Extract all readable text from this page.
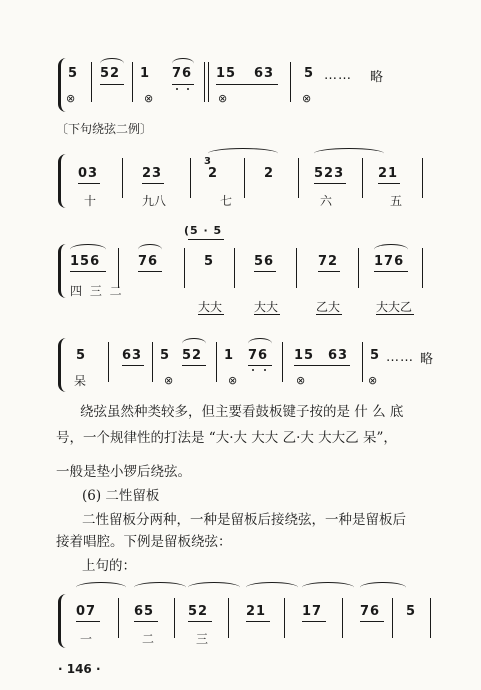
5 52 1 76 15 63 5 …… 略
⊗	⊗	⊗	⊗
〔下句绕弦二例〕
03	23
3
2	2	523	21
十	九八	七	六	五
(5 · 5
156	76	5	56	72	176
四 三 二
大大	大大	乙大	大大乙
5	63 5 52 1 76 15 63 5 …… 略
呆	⊗	⊗	⊗	⊗
绕弦虽然种类较多，但主要看鼓板键子按的是 什 么 底
号，一个规律性的打法是 “大·大 大大 乙·大 大大乙 呆”，
一般是垫小锣后绕弦。
(6) 二性留板
二性留板分两种，一种是留板后接绕弦，一种是留板后
接着唱腔。下例是留板绕弦：
上句的：
07	65	52	21	17	76 5
一	二	三
· 146 ·
